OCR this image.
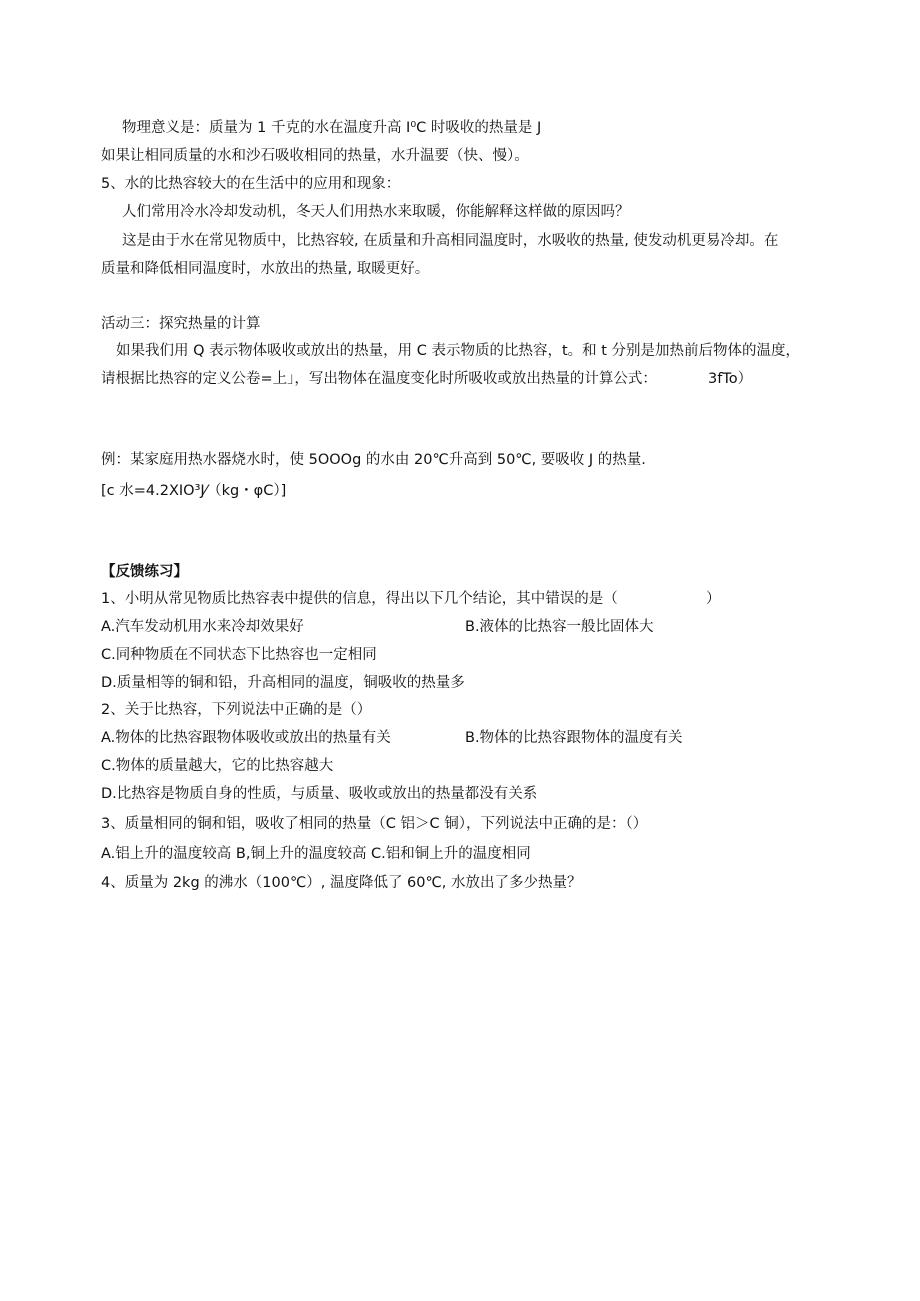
物理意义是：质量为 1 千克的水在温度升高 I⁰C 时吸收的热量是 J
如果让相同质量的水和沙石吸收相同的热量，水升温要（快、慢）。
5、水的比热容较大的在生活中的应用和现象：
人们常用冷水冷却发动机，冬天人们用热水来取暖，你能解释这样做的原因吗？
这是由于水在常见物质中，比热容较, 在质量和升高相同温度时，水吸收的热量, 使发动机更易冷却。在
质量和降低相同温度时，水放出的热量, 取暖更好。
活动三：探究热量的计算
如果我们用 Q 表示物体吸收或放出的热量，用 C 表示物质的比热容，t。和 t 分别是加热前后物体的温度，
请根据比热容的定义公卷=上」，写出物体在温度变化时所吸收或放出热量的计算公式：	3fTo）
例：某家庭用热水器烧水时，使 5OOOg 的水由 20℃升高到 50℃, 要吸收 J 的热量.
[c 水=4.2XIO³J⁄（kg・φC）]
【反馈练习】
1、小明从常见物质比热容表中提供的信息，得出以下几个结论，其中错误的是（	）
A.汽车发动机用水来冷却效果好	B.液体的比热容一般比固体大
C.同种物质在不同状态下比热容也一定相同
D.质量相等的铜和铅，升高相同的温度，铜吸收的热量多
2、关于比热容，下列说法中正确的是（）
A.物体的比热容跟物体吸收或放出的热量有关	B.物体的比热容跟物体的温度有关
C.物体的质量越大，它的比热容越大
D.比热容是物质自身的性质，与质量、吸收或放出的热量都没有关系
3、质量相同的铜和铝，吸收了相同的热量（C 铝＞C 铜），下列说法中正确的是：（）
A.铝上升的温度较高 B,铜上升的温度较高 C.铝和铜上升的温度相同
4、质量为 2kg 的沸水（100℃）, 温度降低了 60℃, 水放出了多少热量？
